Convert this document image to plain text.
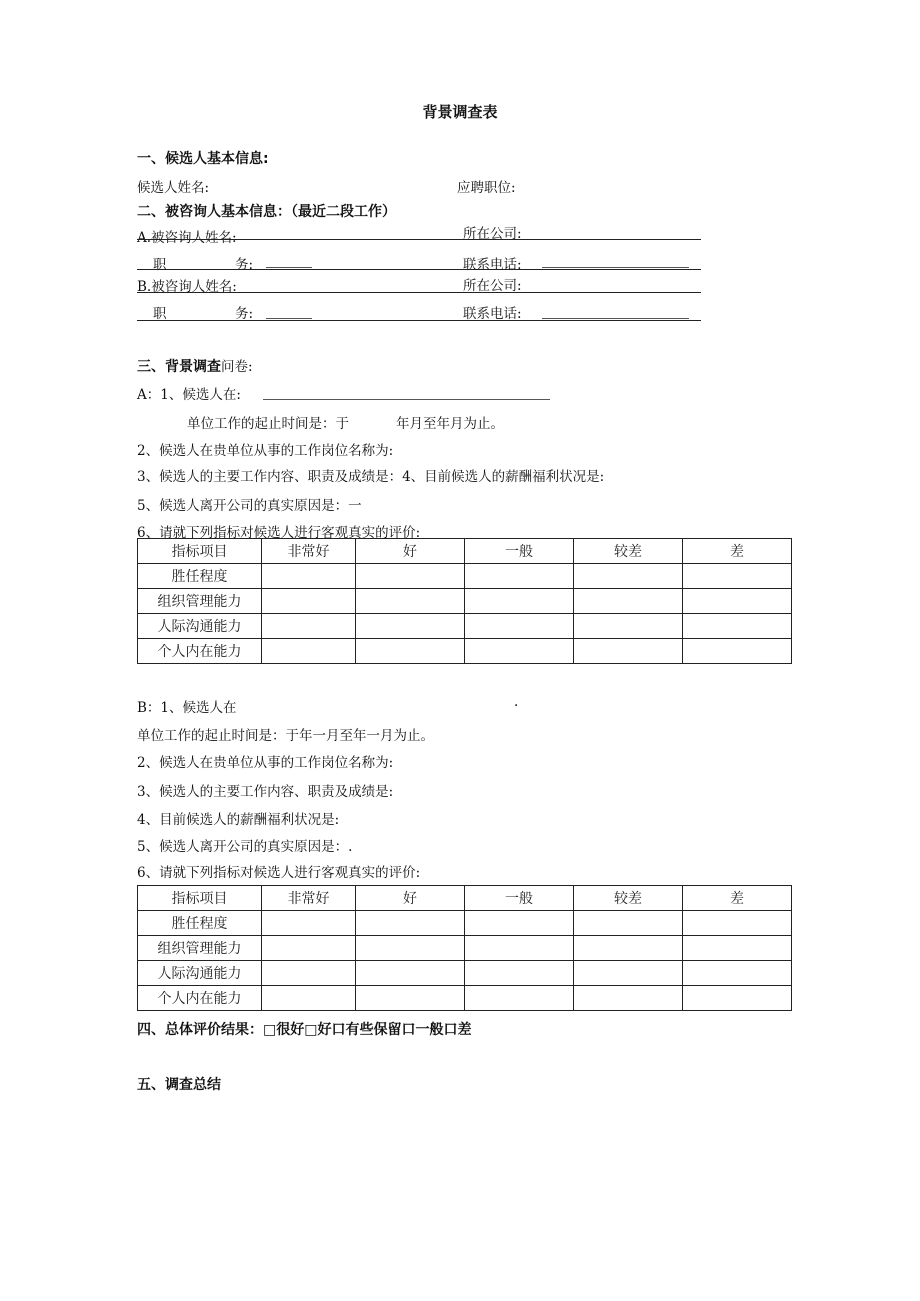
背景调查表
一、候选人基本信息:
候选人姓名:	应聘职位:
二、被咨询人基本信息：（最近二段工作）
A.被咨询人姓名:	所在公司:
职	务:	联系电话:
B.被咨询人姓名:	所在公司:
职	务:	联系电话:
三、背景调查问卷:
A：1、候选人在:
单位工作的起止时间是：于	年月至年月为止。
2、候选人在贵单位从事的工作岗位名称为:
3、候选人的主要工作内容、职责及成绩是：4、目前候选人的薪酬福利状况是:
5、候选人离开公司的真实原因是：一
6、请就下列指标对候选人进行客观真实的评价:
指标项目	非常好	好	一般	较差	差
胜任程度					
组织管理能力					
人际沟通能力					
个人内在能力					
B：1、候选人在	.
单位工作的起止时间是：于年一月至年一月为止。
2、候选人在贵单位从事的工作岗位名称为:
3、候选人的主要工作内容、职责及成绩是:
4、目前候选人的薪酬福利状况是:
5、候选人离开公司的真实原因是：.
6、请就下列指标对候选人进行客观真实的评价:
指标项目	非常好	好	一般	较差	差
胜任程度					
组织管理能力					
人际沟通能力					
个人内在能力					
四、总体评价结果：□很好□好口有些保留口一般口差
五、调查总结
